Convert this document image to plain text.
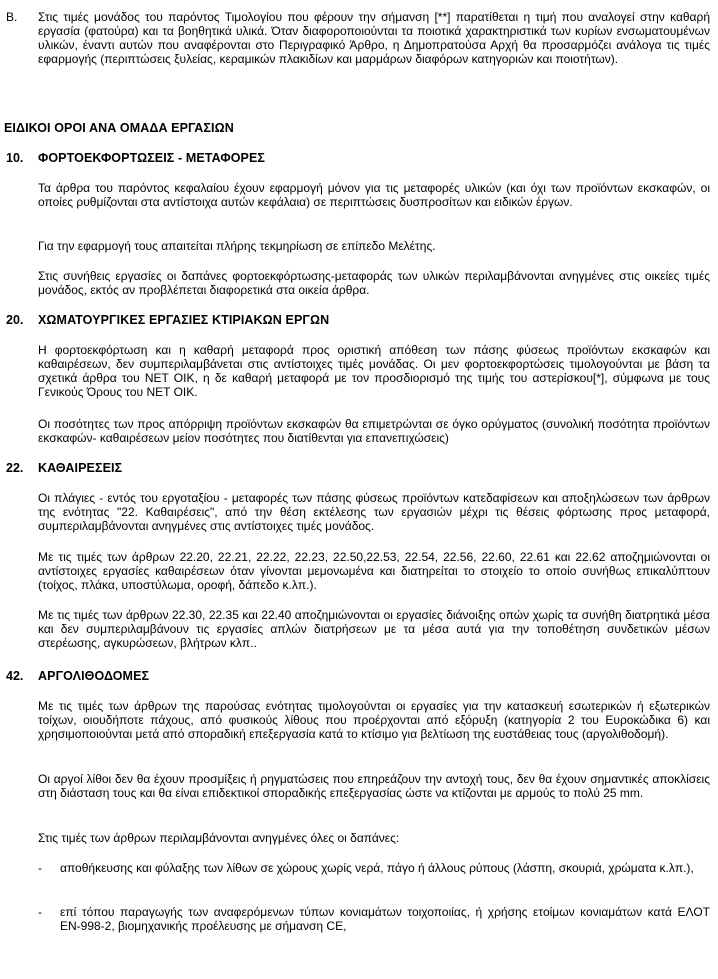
B. Στις τιμές μονάδος του παρόντος Τιμολογίου που φέρουν την σήμανση [**] παρατίθεται η τιμή που αναλογεί στην καθαρή εργασία (φατούρα) και τα βοηθητικά υλικά. Όταν διαφοροποιούνται τα ποιοτικά χαρακτηριστικά των κυρίων ενσωματουμένων υλικών, έναντι αυτών που αναφέρονται στο Περιγραφικό Άρθρο, η Δημοπρατούσα Αρχή θα προσαρμόζει ανάλογα τις τιμές εφαρμογής (περιπτώσεις ξυλείας, κεραμικών πλακιδίων και μαρμάρων διαφόρων κατηγοριών και ποιοτήτων).

ΕΙΔΙΚΟΙ ΟΡΟΙ ΑΝΑ ΟΜΑΔΑ ΕΡΓΑΣΙΩΝ

10. ΦΟΡΤΟΕΚΦΟΡΤΩΣΕΙΣ - ΜΕΤΑΦΟΡΕΣ

Τα άρθρα του παρόντος κεφαλαίου έχουν εφαρμογή μόνον για τις μεταφορές υλικών (και όχι των προϊόντων εκσκαφών, οι οποίες ρυθμίζονται στα αντίστοιχα αυτών κεφάλαια) σε περιπτώσεις δυσπροσίτων και ειδικών έργων.

Για την εφαρμογή τους απαιτείται πλήρης τεκμηρίωση σε επίπεδο Μελέτης.

Στις συνήθεις εργασίες οι δαπάνες φορτοεκφόρτωσης-μεταφοράς των υλικών περιλαμβάνονται ανηγμένες στις οικείες τιμές μονάδος, εκτός αν προβλέπεται διαφορετικά στα οικεία άρθρα.

20. ΧΩΜΑΤΟΥΡΓΙΚΕΣ ΕΡΓΑΣΙΕΣ ΚΤΙΡΙΑΚΩΝ ΕΡΓΩΝ

Η φορτοεκφόρτωση και η καθαρή μεταφορά προς οριστική απόθεση των πάσης φύσεως προϊόντων εκσκαφών και καθαιρέσεων, δεν συμπεριλαμβάνεται στις αντίστοιχες τιμές μονάδας. Οι μεν φορτοεκφορτώσεις τιμολογούνται με βάση τα σχετικά άρθρα του ΝΕΤ ΟΙΚ, η δε καθαρή μεταφορά με τον προσδιορισμό της τιμής του αστερίσκου[*], σύμφωνα με τους Γενικούς Όρους του ΝΕΤ ΟΙΚ.

Οι ποσότητες των προς απόρριψη προϊόντων εκσκαφών θα επιμετρώνται σε όγκο ορύγματος (συνολική ποσότητα προϊόντων εκσκαφών- καθαιρέσεων μείον ποσότητες που διατίθενται για επανεπιχώσεις)

22. ΚΑΘΑΙΡΕΣΕΙΣ

Οι πλάγιες - εντός του εργοταξίου - μεταφορές των πάσης φύσεως προϊόντων κατεδαφίσεων και αποξηλώσεων των άρθρων της ενότητας "22. Καθαιρέσεις", από την θέση εκτέλεσης των εργασιών μέχρι τις θέσεις φόρτωσης προς μεταφορά, συμπεριλαμβάνονται ανηγμένες στις αντίστοιχες τιμές μονάδος.

Με τις τιμές των άρθρων 22.20, 22.21, 22.22, 22.23, 22.50,22.53, 22.54, 22.56, 22.60, 22.61 και 22.62 αποζημιώνονται οι αντίστοιχες εργασίες καθαιρέσεων όταν γίνονται μεμονωμένα και διατηρείται το στοιχείο το οποίο συνήθως επικαλύπτουν (τοίχος, πλάκα, υποστύλωμα, οροφή, δάπεδο κ.λπ.).

Με τις τιμές των άρθρων 22.30, 22.35 και 22.40 αποζημιώνονται οι εργασίες διάνοιξης οπών χωρίς τα συνήθη διατρητικά μέσα και δεν συμπεριλαμβάνουν τις εργασίες απλών διατρήσεων με τα μέσα αυτά για την τοποθέτηση συνδετικών μέσων στερέωσης, αγκυρώσεων, βλήτρων κλπ..

42. ΑΡΓΟΛΙΘΟΔΟΜΕΣ

Με τις τιμές των άρθρων της παρούσας ενότητας τιμολογούνται οι εργασίες για την κατασκευή εσωτερικών ή εξωτερικών τοίχων, οιουδήποτε πάχους, από φυσικούς λίθους που προέρχονται από εξόρυξη (κατηγορία 2 του Ευροκώδικα 6) και χρησιμοποιούνται μετά από σποραδική επεξεργασία κατά το κτίσιμο για βελτίωση της ευστάθειας τους (αργολιθοδομή).

Οι αργοί λίθοι δεν θα έχουν προσμίξεις ή ρηγματώσεις που επηρεάζουν την αντοχή τους, δεν θα έχουν σημαντικές αποκλίσεις στη διάσταση τους και θα είναι επιδεκτικοί σποραδικής επεξεργασίας ώστε να κτίζονται με αρμούς το πολύ 25 mm.

Στις τιμές των άρθρων περιλαμβάνονται ανηγμένες όλες οι δαπάνες:

- αποθήκευσης και φύλαξης των λίθων σε χώρους χωρίς νερά, πάγο ή άλλους ρύπους (λάσπη, σκουριά, χρώματα κ.λπ.),

- επί τόπου παραγωγής των αναφερόμενων τύπων κονιαμάτων τοιχοποιίας, ή χρήσης ετοίμων κονιαμάτων κατά ΕΛΟΤ ΕΝ-998-2, βιομηχανικής προέλευσης με σήμανση CE,
